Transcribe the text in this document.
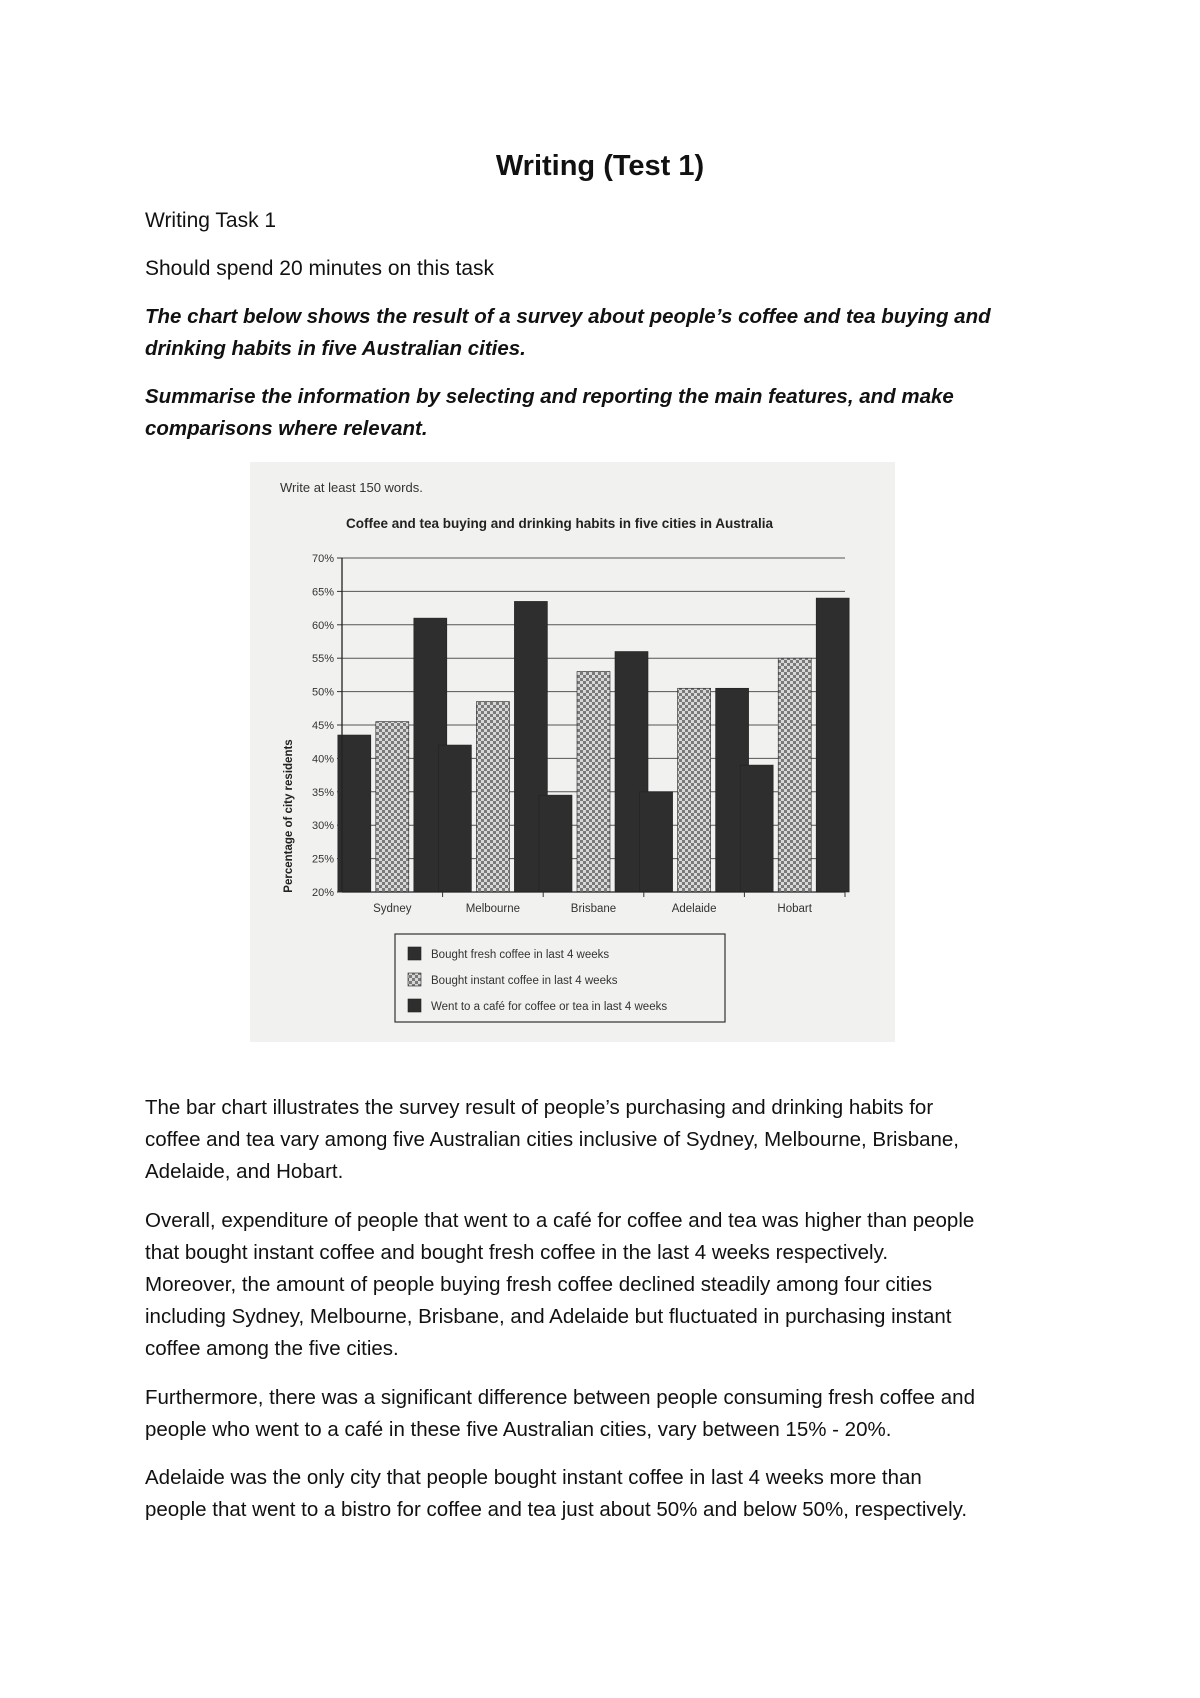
Writing (Test 1)

Writing Task 1

Should spend 20 minutes on this task

The chart below shows the result of a survey about people’s coffee and tea buying and

drinking habits in five Australian cities.

Summarise the information by selecting and reporting the main features, and make

comparisons where relevant.

Write at least 150 words.
Coffee and tea buying and drinking habits in five cities in Australia
Percentage of city residents
20%
25%
30%
35%
40%
45%
50%
55%
60%
65%
70%
Sydney	Melbourne	Brisbane	Adelaide	Hobart
Bought fresh coffee in last 4 weeks
Bought instant coffee in last 4 weeks
Went to a café for coffee or tea in last 4 weeks

The bar chart illustrates the survey result of people’s purchasing and drinking habits for

coffee and tea vary among five Australian cities inclusive of Sydney, Melbourne, Brisbane,

Adelaide, and Hobart.

Overall, expenditure of people that went to a café for coffee and tea was higher than people

that bought instant coffee and bought fresh coffee in the last 4 weeks respectively.

Moreover, the amount of people buying fresh coffee declined steadily among four cities

including Sydney, Melbourne, Brisbane, and Adelaide but fluctuated in purchasing instant

coffee among the five cities.

Furthermore, there was a significant difference between people consuming fresh coffee and

people who went to a café in these five Australian cities, vary between 15% - 20%.

Adelaide was the only city that people bought instant coffee in last 4 weeks more than

people that went to a bistro for coffee and tea just about 50% and below 50%, respectively.
